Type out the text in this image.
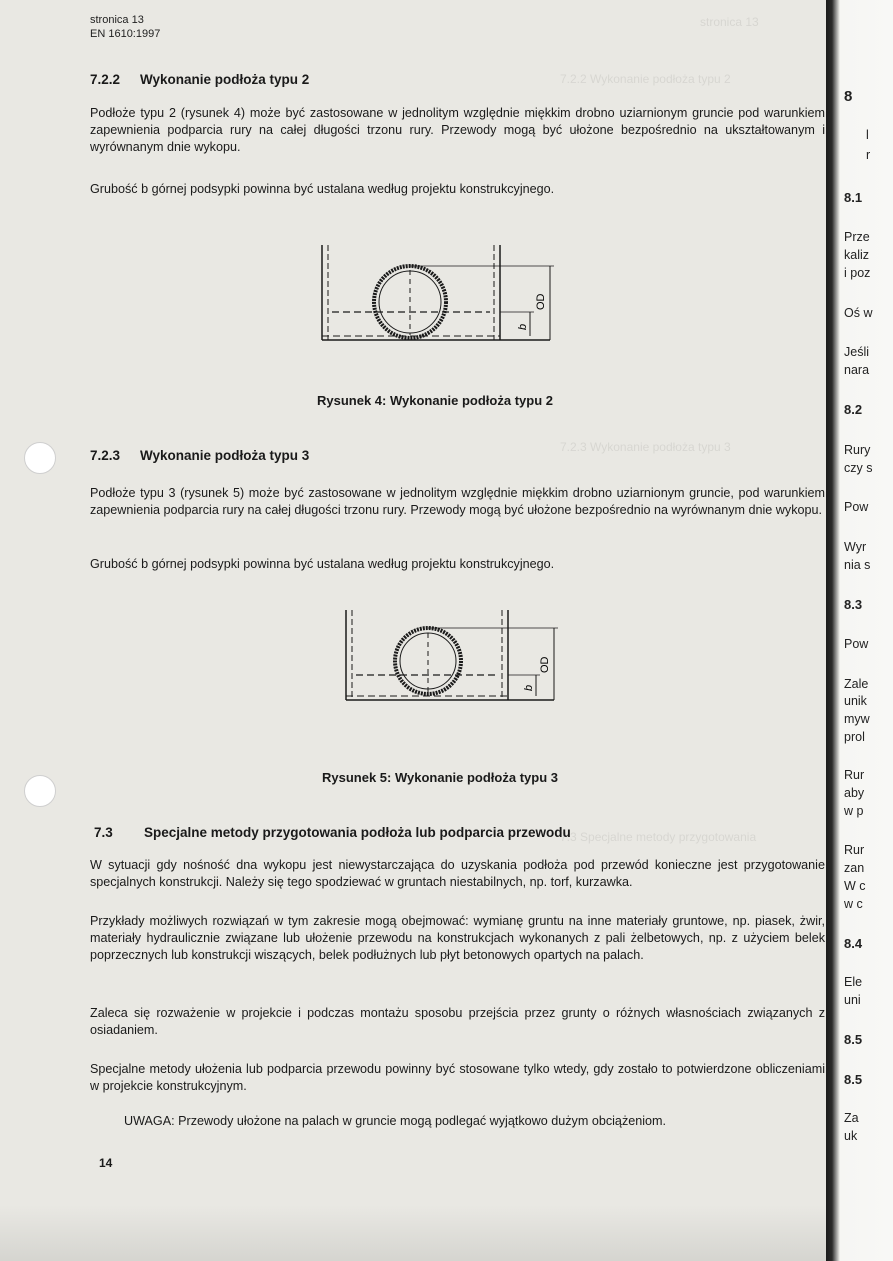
7.2.2 Wykonanie podłoża typu 2
7.2.3 Wykonanie podłoża typu 3
7.3 Specjalne metody przygotowania
stronica 13
stronica 13
EN 1610:1997
7.2.2 Wykonanie podłoża typu 2
Podłoże typu 2 (rysunek 4) może być zastosowane w jednolitym względnie miękkim drobno uziarnionym gruncie pod warunkiem zapewnienia podparcia rury na całej długości trzonu rury. Przewody mogą być ułożone bezpośrednio na ukształtowanym i wyrównanym dnie wykopu.
Grubość b górnej podsypki powinna być ustalana według projektu konstrukcyjnego.
OD
b
Rysunek 4: Wykonanie podłoża typu 2
7.2.3 Wykonanie podłoża typu 3
Podłoże typu 3 (rysunek 5) może być zastosowane w jednolitym względnie miękkim drobno uziarnionym gruncie, pod warunkiem zapewnienia podparcia rury na całej długości trzonu rury. Przewody mogą być ułożone bezpośrednio na wyrównanym dnie wykopu.
Grubość b górnej podsypki powinna być ustalana według projektu konstrukcyjnego.
OD
b
Rysunek 5: Wykonanie podłoża typu 3
7.3 Specjalne metody przygotowania podłoża lub podparcia przewodu
W sytuacji gdy nośność dna wykopu jest niewystarczająca do uzyskania podłoża pod przewód konieczne jest przygotowanie specjalnych konstrukcji. Należy się tego spodziewać w gruntach niestabilnych, np. torf, kurzawka.
Przykłady możliwych rozwiązań w tym zakresie mogą obejmować: wymianę gruntu na inne materiały gruntowe, np. piasek, żwir, materiały hydraulicznie związane lub ułożenie przewodu na konstrukcjach wykonanych z pali żelbetowych, np. z użyciem belek poprzecznych lub konstrukcji wiszących, belek podłużnych lub płyt betonowych opartych na palach.
Zaleca się rozważenie w projekcie i podczas montażu sposobu przejścia przez grunty o różnych własnościach związanych z osiadaniem.
Specjalne metody ułożenia lub podparcia przewodu powinny być stosowane tylko wtedy, gdy zostało to potwierdzone obliczeniami w projekcie konstrukcyjnym.
UWAGA: Przewody ułożone na palach w gruncie mogą podlegać wyjątkowo dużym obciążeniom.
14
8
l
r
8.1
Prze
kaliz
i poz
Oś w
Jeśli
nara
8.2
Rury
czy s
Pow
Wyr
nia s
8.3
Pow
Zale
unik
myw
prol
Rur
aby
w p
Rur
zan
W c
w c
8.4
Ele
uni
8.5
8.5
Za
uk
